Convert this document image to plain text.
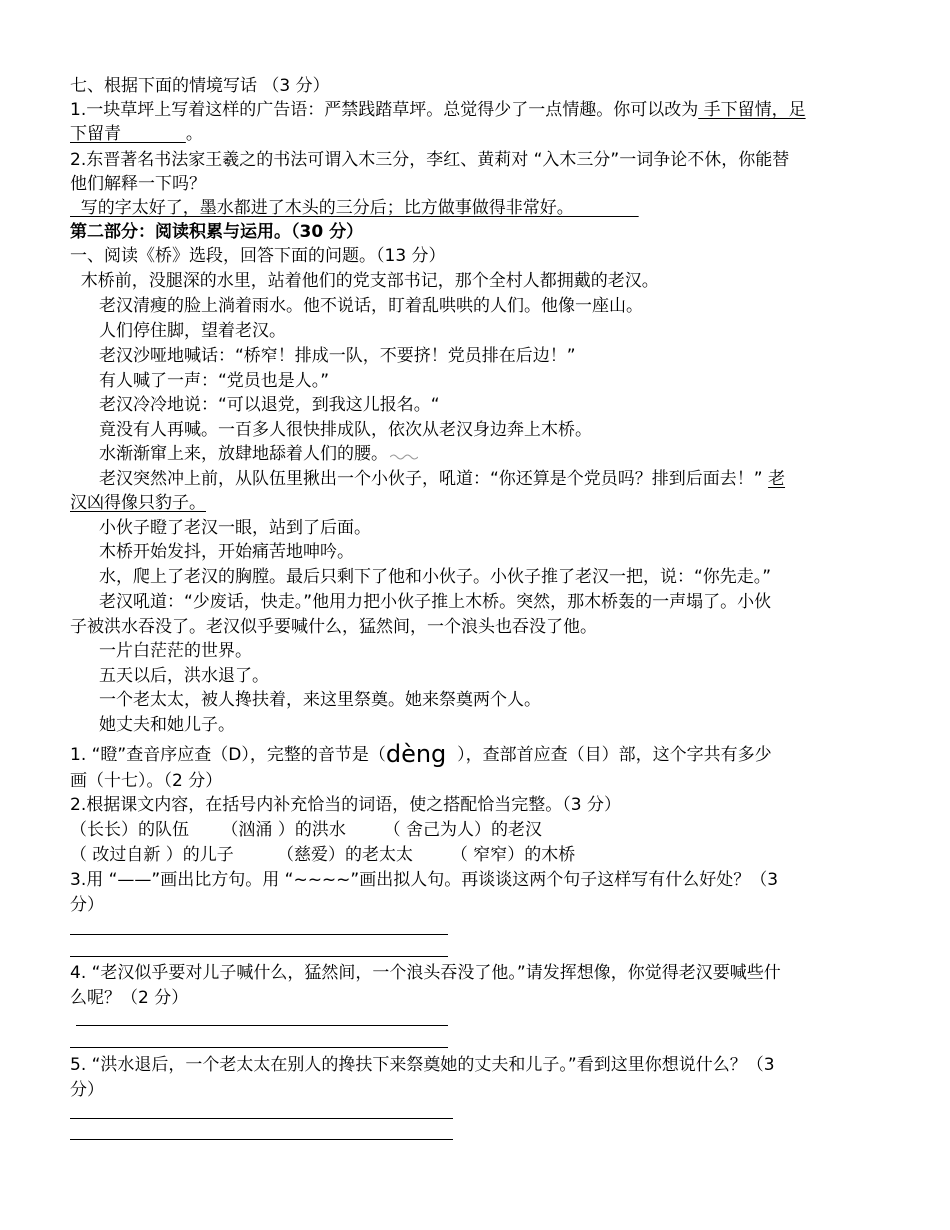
七、根据下面的情境写话 （3 分）
1.一块草坪上写着这样的广告语：严禁践踏草坪。总觉得少了一点情趣。你可以改为 手下留情，足
下留青	。
2.东晋著名书法家王羲之的书法可谓入木三分，李红、黄莉对 “入木三分”一词争论不休，你能替
他们解释一下吗？
写的字太好了，墨水都进了木头的三分后；比方做事做得非常好。
第二部分：阅读积累与运用。（30 分）
一、阅读《桥》选段，回答下面的问题。（13 分）
木桥前，没腿深的水里，站着他们的党支部书记，那个全村人都拥戴的老汉。
老汉清瘦的脸上淌着雨水。他不说话，盯着乱哄哄的人们。他像一座山。
人们停住脚，望着老汉。
老汉沙哑地喊话：“桥窄！排成一队，不要挤！党员排在后边！”
有人喊了一声：“党员也是人。”
老汉冷冷地说：“可以退党，到我这儿报名。“
竟没有人再喊。一百多人很快排成队，依次从老汉身边奔上木桥。
水渐渐窜上来，放肆地舔着人们的腰。
老汉突然冲上前，从队伍里揪出一个小伙子，吼道：“你还算是个党员吗？排到后面去！” 老
汉凶得像只豹子。
小伙子瞪了老汉一眼，站到了后面。
木桥开始发抖，开始痛苦地呻吟。
水，爬上了老汉的胸膛。最后只剩下了他和小伙子。小伙子推了老汉一把，说：“你先走。”
老汉吼道：“少废话，快走。”他用力把小伙子推上木桥。突然，那木桥轰的一声塌了。小伙
子被洪水吞没了。老汉似乎要喊什么，猛然间，一个浪头也吞没了他。
一片白茫茫的世界。
五天以后，洪水退了。
一个老太太，被人搀扶着，来这里祭奠。她来祭奠两个人。
她丈夫和她儿子。
1. “瞪”查音序应查（D），完整的音节是（dèng  ），查部首应查（目）部，这个字共有多少
画（十七）。（2 分）
2.根据课文内容，在括号内补充恰当的词语，使之搭配恰当完整。（3 分）
（长长）的队伍      （汹涌 ）的洪水       （ 舍己为人）的老汉
（ 改过自新 ）的儿子        （慈爱）的老太太       （ 窄窄）的木桥
3.用 “——”画出比方句。用 “~~~~”画出拟人句。再谈谈这两个句子这样写有什么好处？（3
分）
4. “老汉似乎要对儿子喊什么，猛然间，一个浪头吞没了他。”请发挥想像，你觉得老汉要喊些什
么呢？（2 分）
5. “洪水退后，一个老太太在别人的搀扶下来祭奠她的丈夫和儿子。”看到这里你想说什么？（3
分）
